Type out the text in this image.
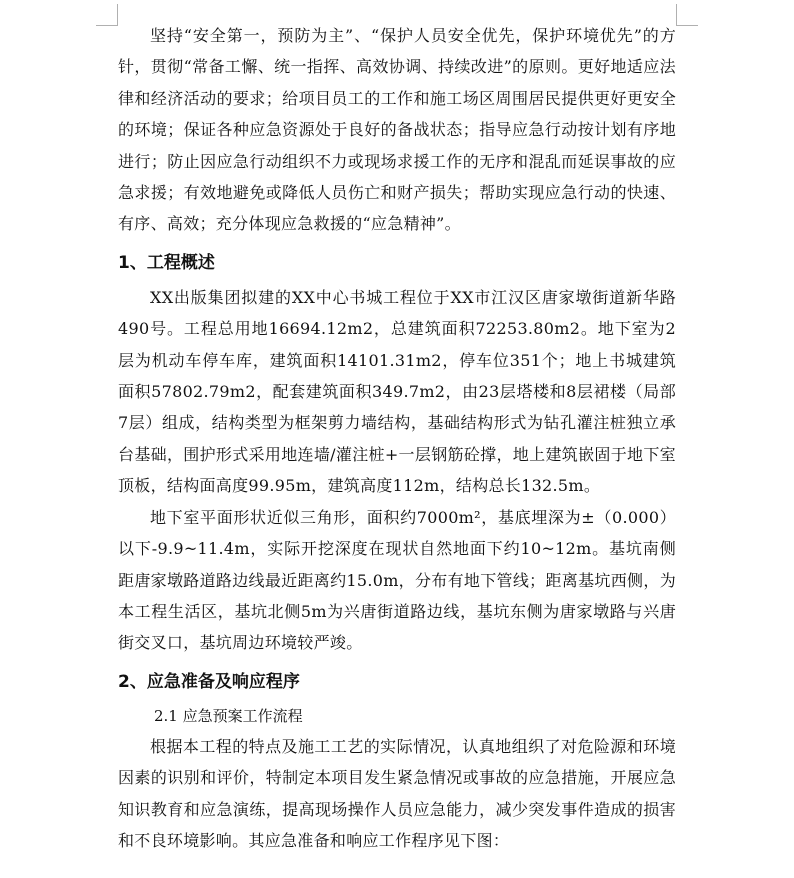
坚持“安全第一，预防为主”、“保护人员安全优先，保护环境优先”的方针，贯彻“常备工懈、统一指挥、高效协调、持续改进”的原则。更好地适应法律和经济活动的要求；给项目员工的工作和施工场区周围居民提供更好更安全的环境；保证各种应急资源处于良好的备战状态；指导应急行动按计划有序地进行；防止因应急行动组织不力或现场求援工作的无序和混乱而延误事故的应急求援；有效地避免或降低人员伤亡和财产损失；帮助实现应急行动的快速、有序、高效；充分体现应急救援的“应急精神”。

1、工程概述

XX出版集团拟建的XX中心书城工程位于XX市江汉区唐家墩街道新华路490号。工程总用地16694.12m2，总建筑面积72253.80m2。地下室为2层为机动车停车库，建筑面积14101.31m2，停车位351个；地上书城建筑面积57802.79m2，配套建筑面积349.7m2，由23层塔楼和8层裙楼（局部7层）组成，结构类型为框架剪力墙结构，基础结构形式为钻孔灌注桩独立承台基础，围护形式采用地连墙/灌注桩+一层钢筋砼撑，地上建筑嵌固于地下室顶板，结构面高度99.95m，建筑高度112m，结构总长132.5m。

地下室平面形状近似三角形，面积约7000m²，基底埋深为±（0.000）以下-9.9~11.4m，实际开挖深度在现状自然地面下约10~12m。基坑南侧距唐家墩路道路边线最近距离约15.0m，分布有地下管线；距离基坑西侧，为本工程生活区，基坑北侧5m为兴唐街道路边线，基坑东侧为唐家墩路与兴唐街交叉口，基坑周边环境较严竣。

2、应急准备及响应程序
2.1 应急预案工作流程

根据本工程的特点及施工工艺的实际情况，认真地组织了对危险源和环境因素的识别和评价，特制定本项目发生紧急情况或事故的应急措施，开展应急知识教育和应急演练，提高现场操作人员应急能力，减少突发事件造成的损害和不良环境影响。其应急准备和响应工作程序见下图：
